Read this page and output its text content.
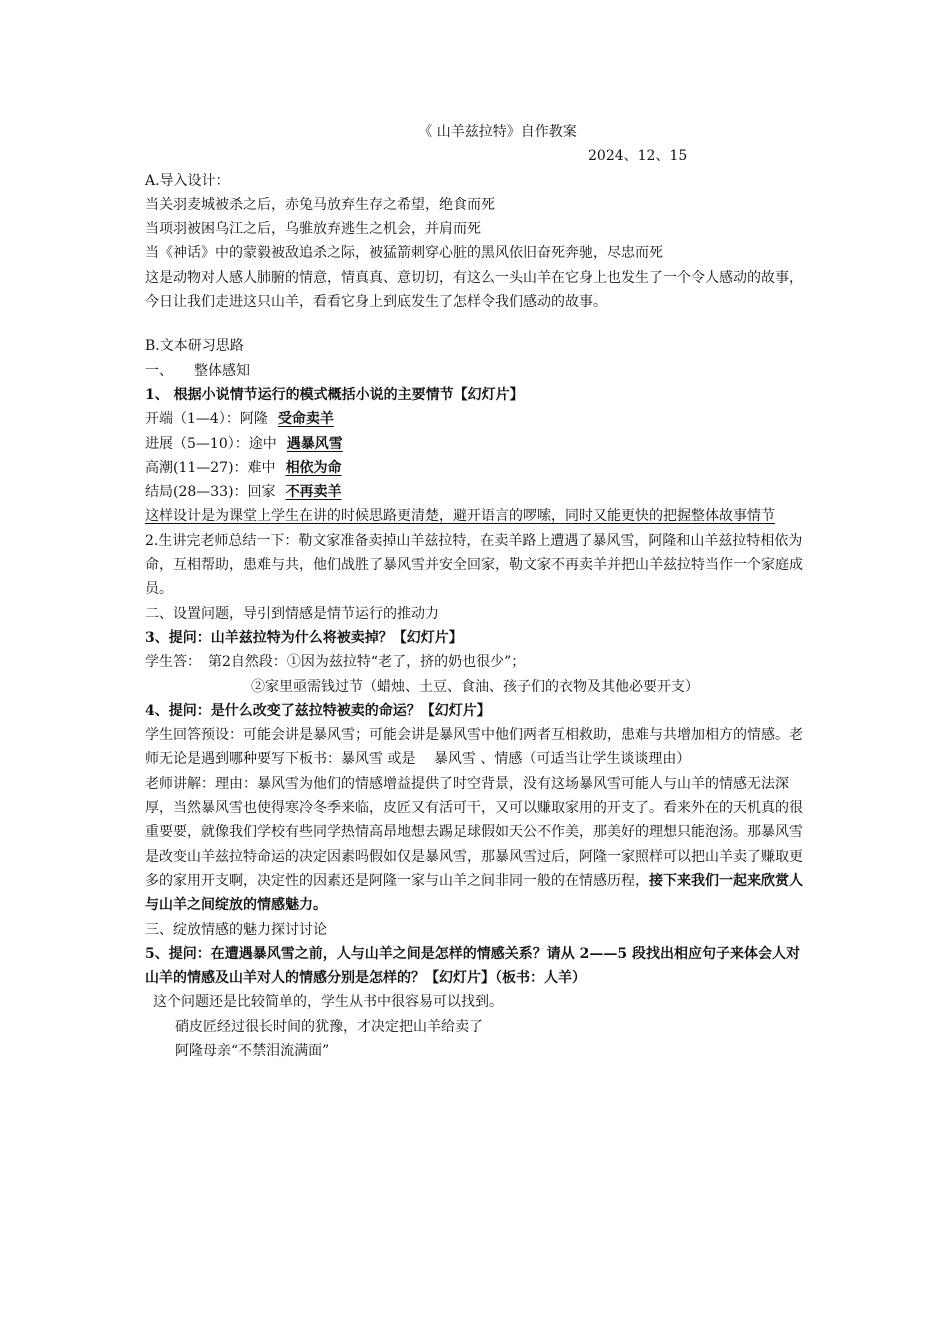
《 山羊兹拉特》自作教案
2024、12、15
A.导入设计：
当关羽麦城被杀之后，赤兔马放弃生存之希望，绝食而死
当项羽被困乌江之后，乌骓放弃逃生之机会，并肩而死
当《神话》中的蒙毅被敌追杀之际，被猛箭刺穿心脏的黑风依旧奋死奔驰，尽忠而死
这是动物对人感人肺腑的情意，情真真、意切切，有这么一头山羊在它身上也发生了一个令人感动的故事，今日让我们走进这只山羊，看看它身上到底发生了怎样令我们感动的故事。
B.文本研习思路
一、　　整体感知
1、 根据小说情节运行的模式概括小说的主要情节【幻灯片】
开端（1—4）：阿隆 受命卖羊
进展（5—10）：途中 遇暴风雪
高潮(11—27)：难中 相依为命
结局(28—33)：回家 不再卖羊
这样设计是为课堂上学生在讲的时候思路更清楚，避开语言的啰嗦，同时又能更快的把握整体故事情节
2.生讲完老师总结一下：勒文家准备卖掉山羊兹拉特，在卖羊路上遭遇了暴风雪，阿隆和山羊兹拉特相依为命，互相帮助，患难与共，他们战胜了暴风雪并安全回家，勒文家不再卖羊并把山羊兹拉特当作一个家庭成员。
二、设置问题，导引到情感是情节运行的推动力
3、提问：山羊兹拉特为什么将被卖掉？【幻灯片】
学生答：　第2自然段：①因为兹拉特“老了，挤的奶也很少”；
②家里亟需钱过节（蜡烛、土豆、食油、孩子们的衣物及其他必要开支）
4、提问：是什么改变了兹拉特被卖的命运？【幻灯片】
学生回答预设：可能会讲是暴风雪；可能会讲是暴风雪中他们两者互相救助，患难与共增加相方的情感。老师无论是遇到哪种要写下板书：暴风雪 或是　 暴风雪 、情感（可适当让学生谈谈理由）
老师讲解：理由：暴风雪为他们的情感增益提供了时空背景，没有这场暴风雪可能人与山羊的情感无法深厚，当然暴风雪也使得寒冷冬季来临，皮匠又有活可干，又可以赚取家用的开支了。看来外在的天机真的很重要要，就像我们学校有些同学热情高昂地想去踢足球假如天公不作美，那美好的理想只能泡汤。那暴风雪是改变山羊兹拉特命运的决定因素吗假如仅是暴风雪，那暴风雪过后，阿隆一家照样可以把山羊卖了赚取更多的家用开支啊，决定性的因素还是阿隆一家与山羊之间非同一般的在情感历程，接下来我们一起来欣赏人与山羊之间绽放的情感魅力。
三、绽放情感的魅力探讨讨论
5、提问：在遭遇暴风雪之前，人与山羊之间是怎样的情感关系？请从 2——5 段找出相应句子来体会人对山羊的情感及山羊对人的情感分别是怎样的？【幻灯片】（板书：人羊）
这个问题还是比较简单的，学生从书中很容易可以找到。
硝皮匠经过很长时间的犹豫，才决定把山羊给卖了
阿隆母亲“不禁泪流满面”
